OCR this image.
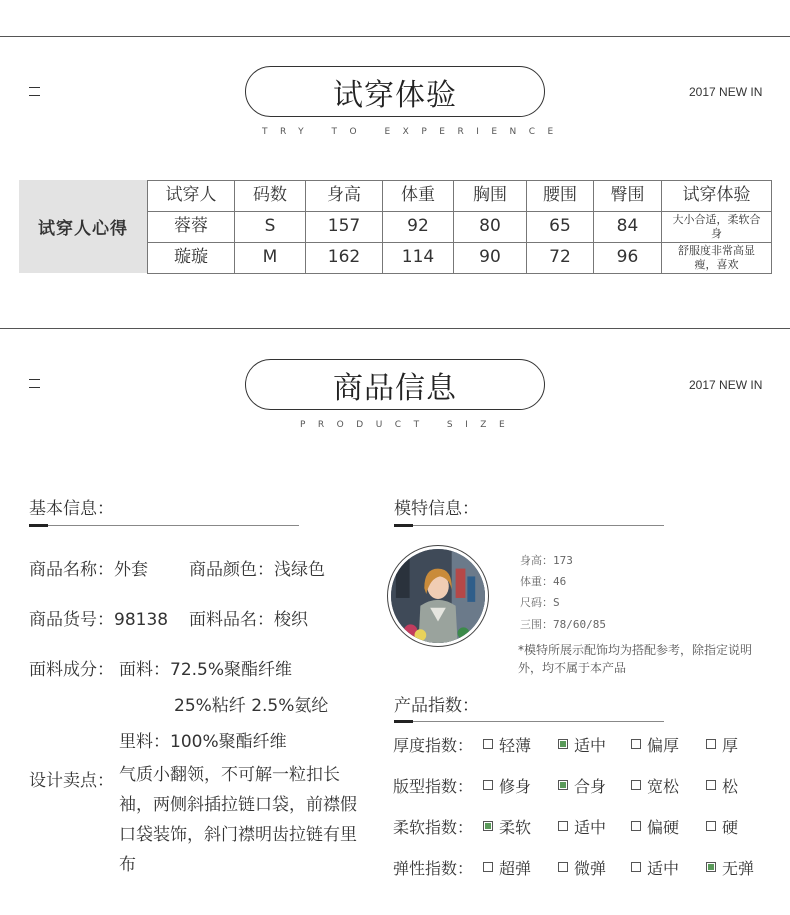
试穿体验
TRY TO EXPERIENCE
2017 NEW IN
试穿人心得
试穿人	码数	身高	体重	胸围	腰围	臀围	试穿体验
蓉蓉	S	157	92	80	65	84	大小合适，柔软合身
璇璇	M	162	114	90	72	96	舒服度非常高显瘦，喜欢
商品信息
PRODUCT SIZE
2017 NEW IN
基本信息：
商品名称：外套 商品颜色：浅绿色
商品货号：98138 面料品名：梭织
面料成分： 面料：72.5%聚酯纤维
25%粘纤 2.5%氨纶
里料：100%聚酯纤维
设计卖点： 气质小翻领，不可解一粒扣长袖，两侧斜插拉链口袋，前襟假口袋装饰，斜门襟明齿拉链有里布
模特信息：
身高：173
体重：46
尺码：S
三围：78/60/85
*模特所展示配饰均为搭配参考，除指定说明外，均不属于本产品
产品指数：
厚度指数：	轻薄	适中	偏厚	厚
版型指数：	修身	合身	宽松	松
柔软指数：	柔软	适中	偏硬	硬
弹性指数：	超弹	微弹	适中	无弹
